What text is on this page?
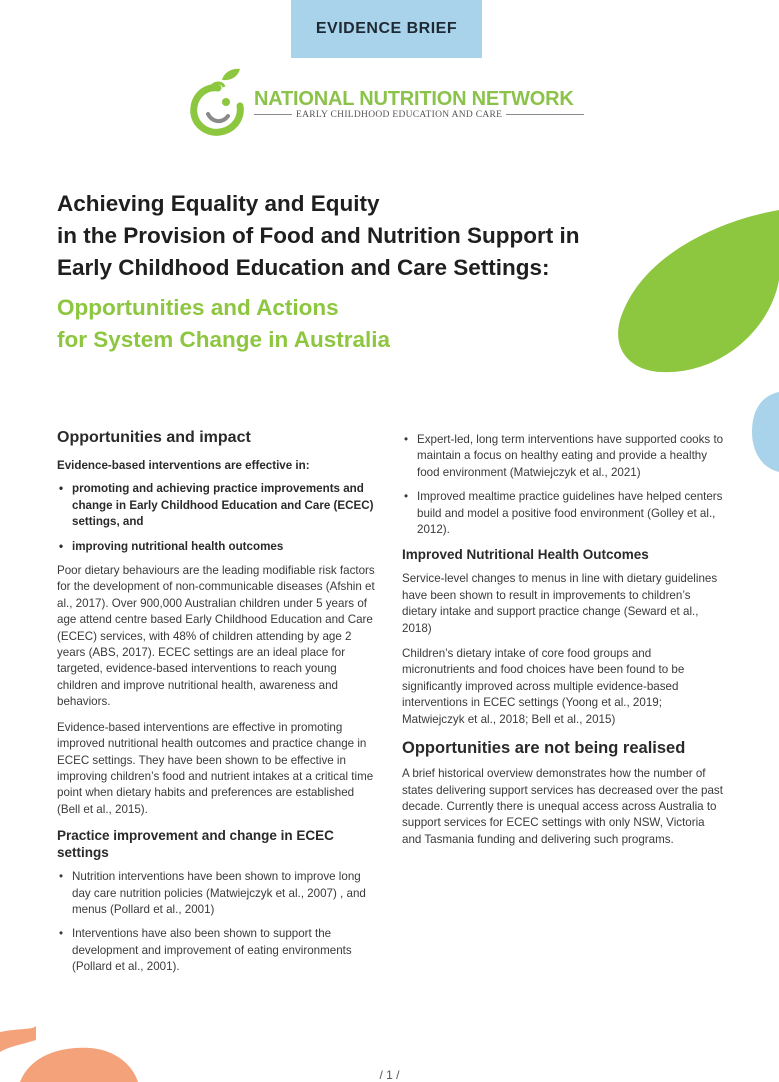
EVIDENCE BRIEF
NATIONAL NUTRITION NETWORK
EARLY CHILDHOOD EDUCATION AND CARE
Achieving Equality and Equity
in the Provision of Food and Nutrition Support in
Early Childhood Education and Care Settings:
Opportunities and Actions
for System Change in Australia
Opportunities and impact
Evidence-based interventions are effective in:
• promoting and achieving practice improvements and change in Early Childhood Education and Care (ECEC) settings, and
• improving nutritional health outcomes

Poor dietary behaviours are the leading modifiable risk factors for the development of non-communicable diseases (Afshin et al., 2017). Over 900,000 Australian children under 5 years of age attend centre based Early Childhood Education and Care (ECEC) services, with 48% of children attending by age 2 years (ABS, 2017). ECEC settings are an ideal place for targeted, evidence-based interventions to reach young children and improve nutritional health, awareness and behaviors.

Evidence-based interventions are effective in promoting improved nutritional health outcomes and practice change in ECEC settings. They have been shown to be effective in improving children’s food and nutrient intakes at a critical time point when dietary habits and preferences are established (Bell et al., 2015).

Practice improvement and change in ECEC settings
• Nutrition interventions have been shown to improve long day care nutrition policies (Matwiejczyk et al., 2007) , and menus (Pollard et al., 2001)
• Interventions have also been shown to support the development and improvement of eating environments (Pollard et al., 2001).
• Expert-led, long term interventions have supported cooks to maintain a focus on healthy eating and provide a healthy food environment (Matwiejczyk et al., 2021)
• Improved mealtime practice guidelines have helped centers build and model a positive food environment (Golley et al., 2012).
Improved Nutritional Health Outcomes

Service-level changes to menus in line with dietary guidelines have been shown to result in improvements to children’s dietary intake and support practice change (Seward et al., 2018)

Children’s dietary intake of core food groups and micronutrients and food choices have been found to be significantly improved across multiple evidence-based interventions in ECEC settings (Yoong et al., 2019; Matwiejczyk et al., 2018; Bell et al., 2015)

Opportunities are not being realised

A brief historical overview demonstrates how the number of states delivering support services has decreased over the past decade. Currently there is unequal access across Australia to support services for ECEC settings with only NSW, Victoria and Tasmania funding and delivering such programs.

/ 1 /
